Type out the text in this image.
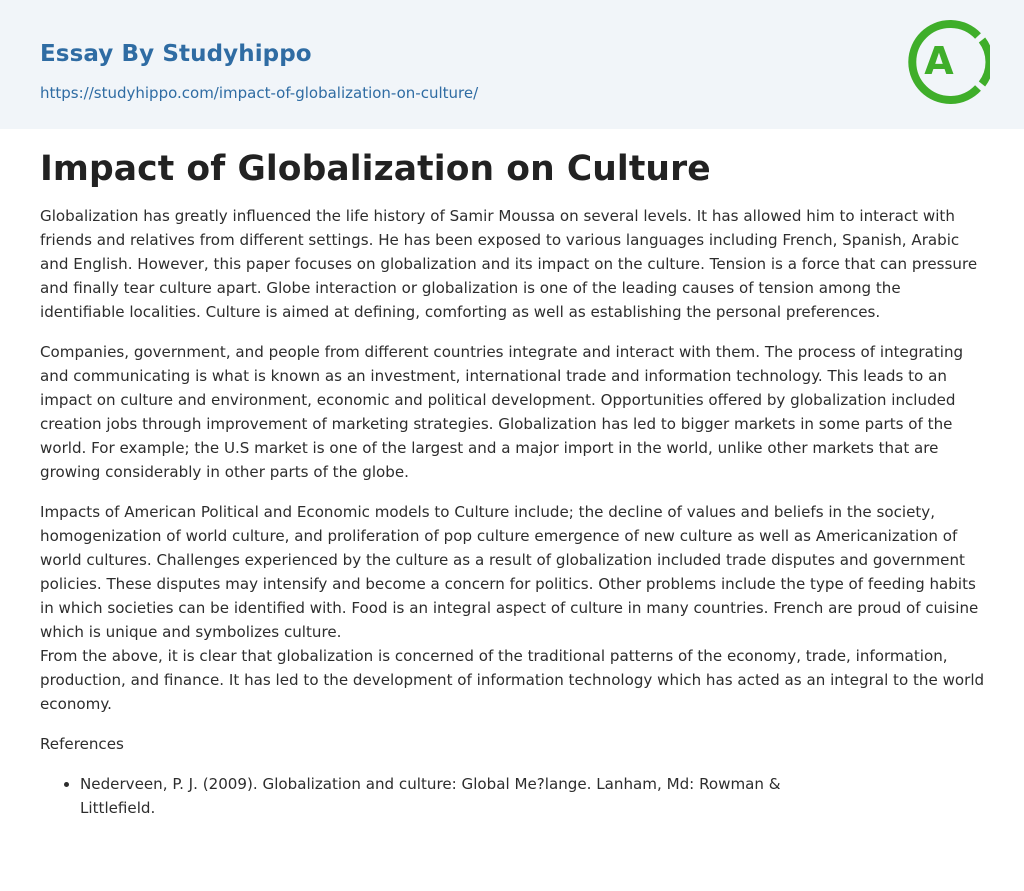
Essay By Studyhippo
https://studyhippo.com/impact-of-globalization-on-culture/
A
Impact of Globalization on Culture

Globalization has greatly influenced the life history of Samir Moussa on several levels. It has allowed him to interact with friends and relatives from different settings. He has been exposed to various languages including French, Spanish, Arabic and English. However, this paper focuses on globalization and its impact on the culture. Tension is a force that can pressure and finally tear culture apart. Globe interaction or globalization is one of the leading causes of tension among the identifiable localities. Culture is aimed at defining, comforting as well as establishing the personal preferences.

Companies, government, and people from different countries integrate and interact with them. The process of integrating and communicating is what is known as an investment, international trade and information technology. This leads to an impact on culture and environment, economic and political development. Opportunities offered by globalization included creation jobs through improvement of marketing strategies. Globalization has led to bigger markets in some parts of the world. For example; the U.S market is one of the largest and a major import in the world, unlike other markets that are growing considerably in other parts of the globe.

Impacts of American Political and Economic models to Culture include; the decline of values and beliefs in the society, homogenization of world culture, and proliferation of pop culture emergence of new culture as well as Americanization of world cultures. Challenges experienced by the culture as a result of globalization included trade disputes and government policies. These disputes may intensify and become a concern for politics. Other problems include the type of feeding habits in which societies can be identified with. Food is an integral aspect of culture in many countries. French are proud of cuisine which is unique and symbolizes culture.

From the above, it is clear that globalization is concerned of the traditional patterns of the economy, trade, information, production, and finance. It has led to the development of information technology which has acted as an integral to the world economy.

References
• Nederveen, P. J. (2009). Globalization and culture: Global Me?lange. Lanham, Md: Rowman & Littlefield.
